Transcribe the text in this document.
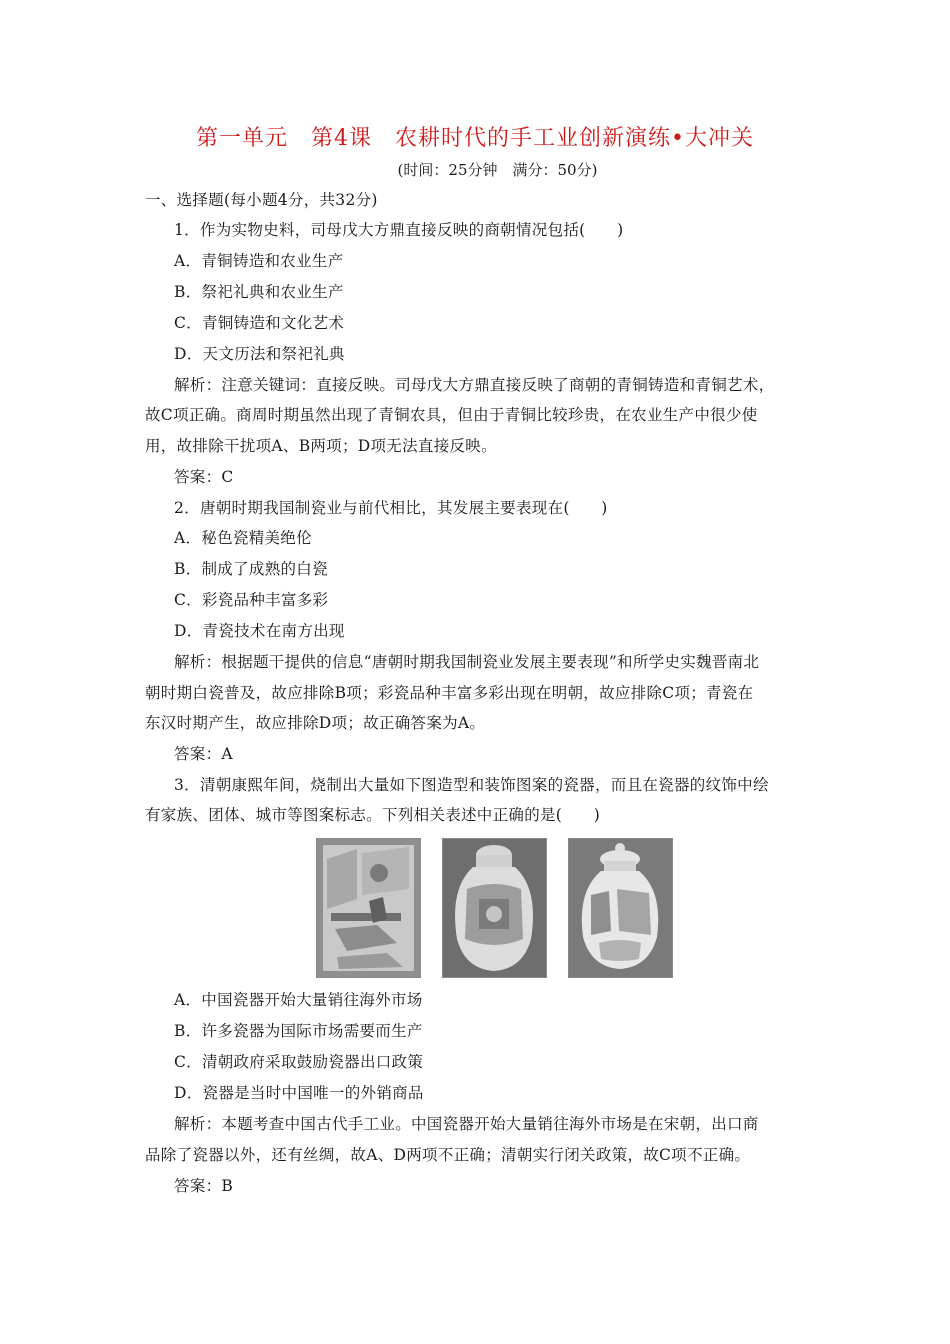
第一单元　第4课　农耕时代的手工业创新演练•大冲关
(时间：25分钟　满分：50分)
一、选择题(每小题4分，共32分)
1．作为实物史料，司母戊大方鼎直接反映的商朝情况包括(　　)
A．青铜铸造和农业生产
B．祭祀礼典和农业生产
C．青铜铸造和文化艺术
D．天文历法和祭祀礼典
解析：注意关键词：直接反映。司母戊大方鼎直接反映了商朝的青铜铸造和青铜艺术，
故C项正确。商周时期虽然出现了青铜农具，但由于青铜比较珍贵，在农业生产中很少使
用，故排除干扰项A、B两项；D项无法直接反映。
答案：C
2．唐朝时期我国制瓷业与前代相比，其发展主要表现在(　　)
A．秘色瓷精美绝伦
B．制成了成熟的白瓷
C．彩瓷品种丰富多彩
D．青瓷技术在南方出现
解析：根据题干提供的信息“唐朝时期我国制瓷业发展主要表现”和所学史实魏晋南北
朝时期白瓷普及，故应排除B项；彩瓷品种丰富多彩出现在明朝，故应排除C项；青瓷在
东汉时期产生，故应排除D项；故正确答案为A。
答案：A
3．清朝康熙年间，烧制出大量如下图造型和装饰图案的瓷器，而且在瓷器的纹饰中绘
有家族、团体、城市等图案标志。下列相关表述中正确的是(　　)
A．中国瓷器开始大量销往海外市场
B．许多瓷器为国际市场需要而生产
C．清朝政府采取鼓励瓷器出口政策
D．瓷器是当时中国唯一的外销商品
解析：本题考查中国古代手工业。中国瓷器开始大量销往海外市场是在宋朝，出口商
品除了瓷器以外，还有丝绸，故A、D两项不正确；清朝实行闭关政策，故C项不正确。
答案：B
